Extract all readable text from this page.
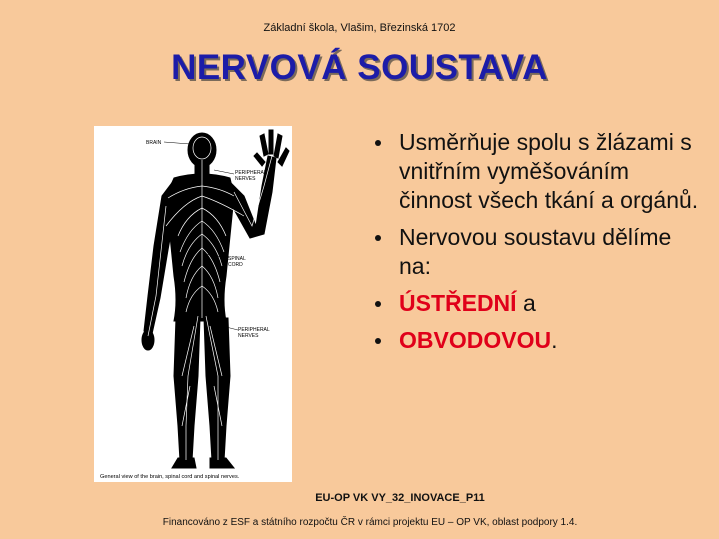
Základní škola, Vlašim, Březinská 1702
NERVOVÁ SOUSTAVA
BRAIN
PERIPHERAL
NERVES
SPINAL
CORD
PERIPHERAL
NERVES
General view of the brain, spinal cord and spinal nerves.
Usměrňuje spolu s žlázami s vnitřním vyměšováním činnost všech tkání a orgánů.
Nervovou soustavu dělíme na:
ÚSTŘEDNÍ a
OBVODOVOU.
EU-OP VK VY_32_INOVACE_P11
Financováno z ESF a státního rozpočtu ČR v rámci projektu EU – OP VK, oblast podpory 1.4.
